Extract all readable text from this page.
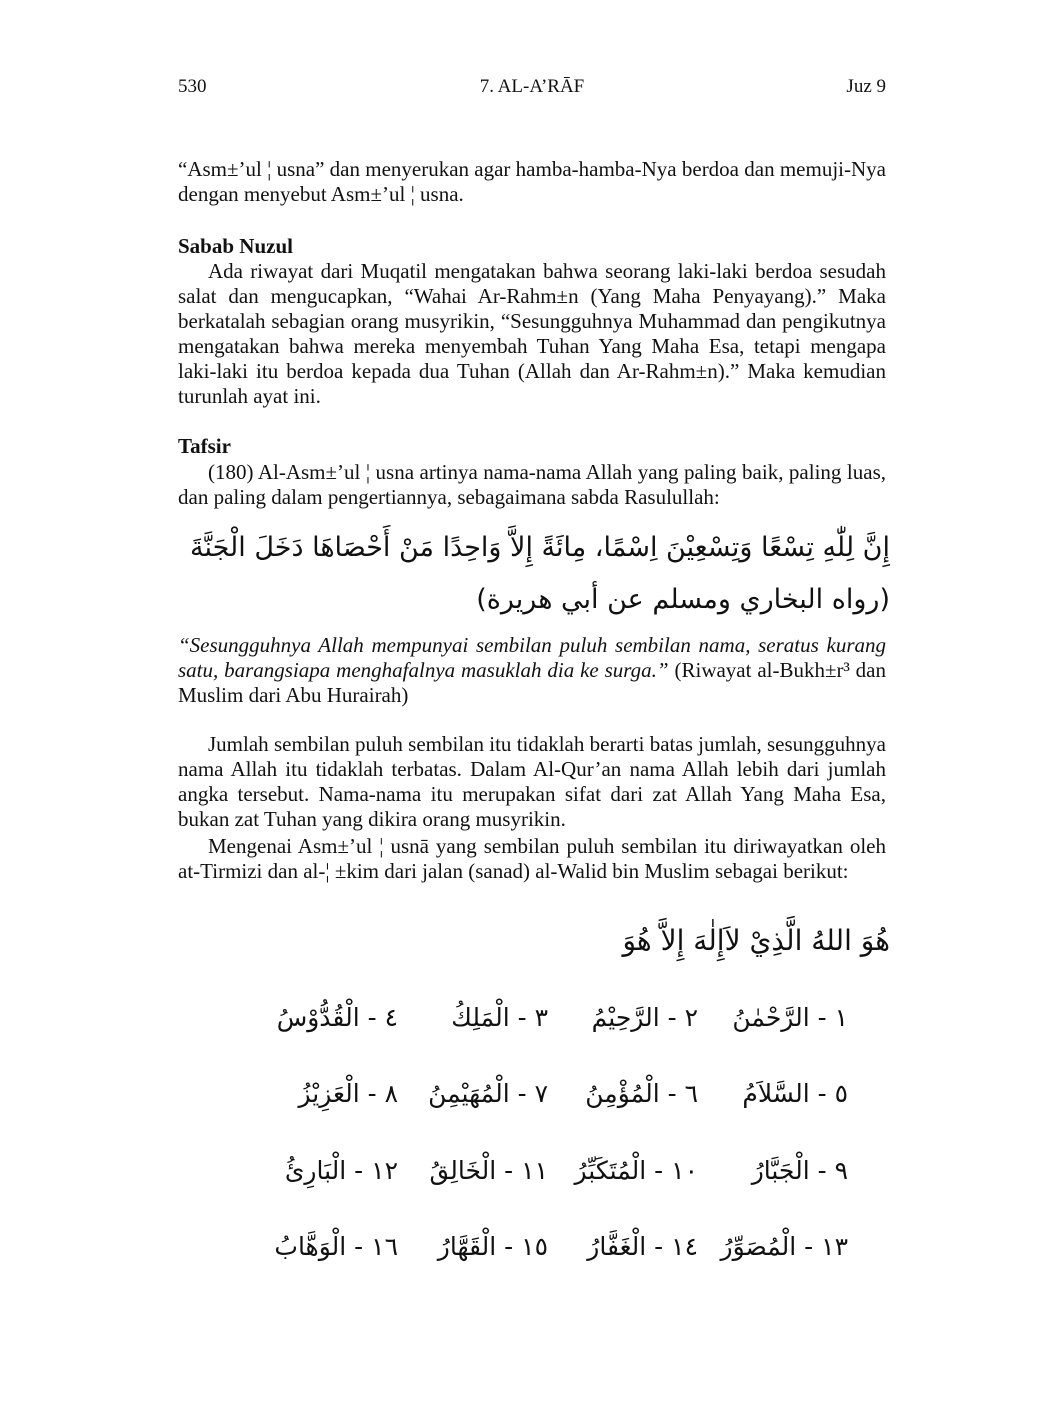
530	7. AL-A’RĀF	Juz 9

“Asm±’ul ¦ usna” dan menyerukan agar hamba-hamba-Nya berdoa dan memuji-Nya dengan menyebut Asm±’ul ¦ usna.

Sabab Nuzul

Ada riwayat dari Muqatil mengatakan bahwa seorang laki-laki berdoa sesudah salat dan mengucapkan, “Wahai Ar-Rahm±n (Yang Maha Penyayang).” Maka berkatalah sebagian orang musyrikin, “Sesungguhnya Muhammad dan pengikutnya mengatakan bahwa mereka menyembah Tuhan Yang Maha Esa, tetapi mengapa laki-laki itu berdoa kepada dua Tuhan (Allah dan Ar-Rahm±n).” Maka kemudian turunlah ayat ini.

Tafsir

(180) Al-Asm±’ul ¦ usna artinya nama-nama Allah yang paling baik, paling luas, dan paling dalam pengertiannya, sebagaimana sabda Rasulullah:

إِنَّ لِلّٰهِ تِسْعًا وَتِسْعِيْنَ اِسْمًا، مِائَةً إِلاَّ وَاحِدًا مَنْ أَحْصَاهَا دَخَلَ الْجَنَّةَ (رواه البخاري ومسلم عن أبي هريرة)

“Sesungguhnya Allah mempunyai sembilan puluh sembilan nama, seratus kurang satu, barangsiapa menghafalnya masuklah dia ke surga.” (Riwayat al-Bukh±r³ dan Muslim dari Abu Hurairah)

Jumlah sembilan puluh sembilan itu tidaklah berarti batas jumlah, sesungguhnya nama Allah itu tidaklah terbatas. Dalam Al-Qur’an nama Allah lebih dari jumlah angka tersebut. Nama-nama itu merupakan sifat dari zat Allah Yang Maha Esa, bukan zat Tuhan yang dikira orang musyrikin.

Mengenai Asm±’ul ¦ usnā yang sembilan puluh sembilan itu diriwayatkan oleh at-Tirmizi dan al-¦ ±kim dari jalan (sanad) al-Walid bin Muslim sebagai berikut:

هُوَ اللهُ الَّذِيْ لاَإِلٰهَ إِلاَّ هُوَ
١ - الرَّحْمٰنُ
٢ - الرَّحِيْمُ
٣ - الْمَلِكُ
٤ - الْقُدُّوْسُ
٥ - السَّلاَمُ
٦ - الْمُؤْمِنُ
٧ - الْمُهَيْمِنُ
٨ - الْعَزِيْزُ
٩ - الْجَبَّارُ
١٠ - الْمُتَكَبِّرُ
١١ - الْخَالِقُ
١٢ - الْبَارِئُ
١٣ - الْمُصَوِّرُ
١٤ - الْغَفَّارُ
١٥ - الْقَهَّارُ
١٦ - الْوَهَّابُ
